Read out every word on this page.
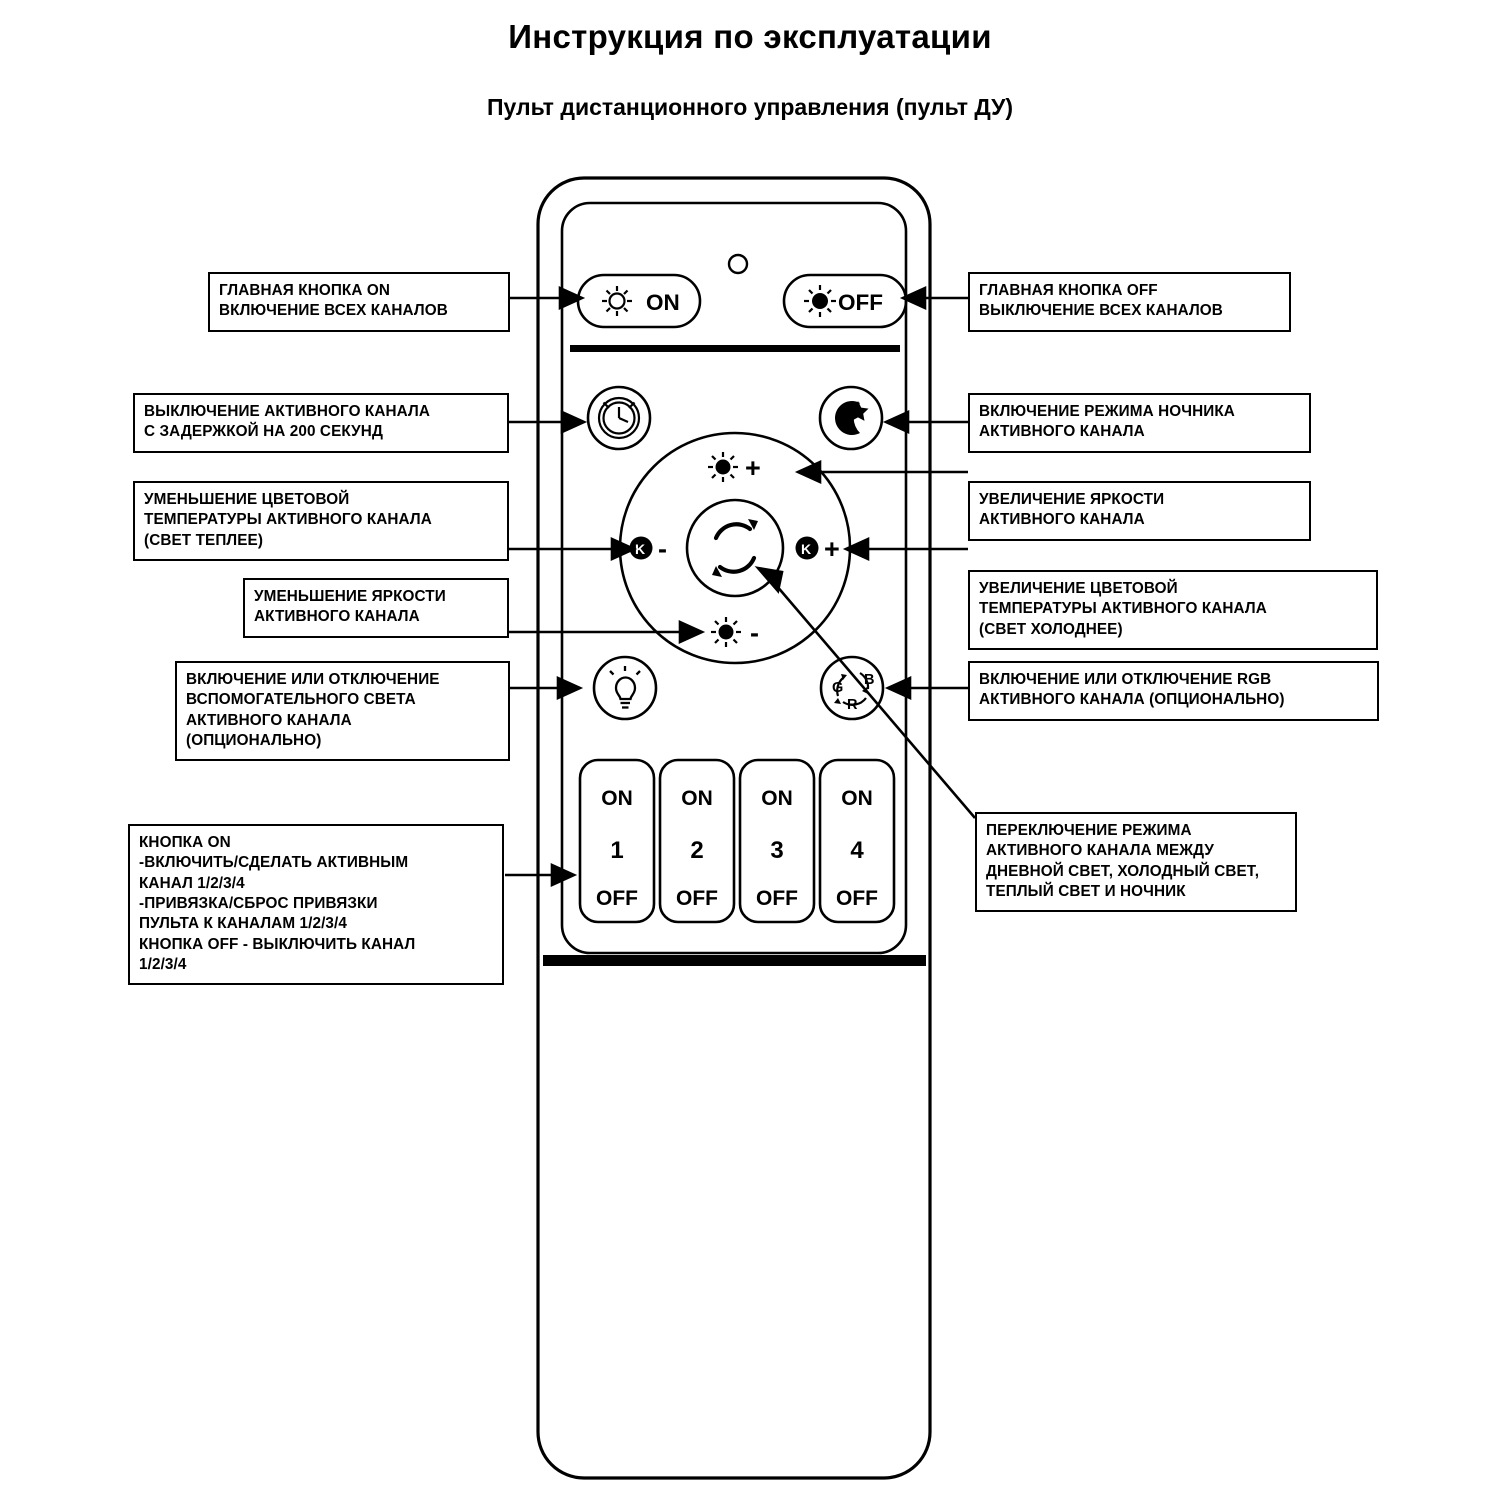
Инструкция по эксплуатации
Пульт дистанционного управления (пульт ДУ)
ON	OFF
+
-
K -	K +
G B
R
ON
1
OFF
ON
2
OFF
ON
3
OFF
ON
4
OFF
ГЛАВНАЯ КНОПКА ON
ВКЛЮЧЕНИЕ ВСЕХ КАНАЛОВ
ГЛАВНАЯ КНОПКА OFF
ВЫКЛЮЧЕНИЕ ВСЕХ КАНАЛОВ
ВЫКЛЮЧЕНИЕ АКТИВНОГО КАНАЛА
С ЗАДЕРЖКОЙ НА 200 СЕКУНД
ВКЛЮЧЕНИЕ РЕЖИМА НОЧНИКА
АКТИВНОГО КАНАЛА
УМЕНЬШЕНИЕ ЦВЕТОВОЙ
ТЕМПЕРАТУРЫ АКТИВНОГО КАНАЛА
(СВЕТ ТЕПЛЕЕ)
УВЕЛИЧЕНИЕ ЯРКОСТИ
АКТИВНОГО КАНАЛА
УВЕЛИЧЕНИЕ ЦВЕТОВОЙ
ТЕМПЕРАТУРЫ АКТИВНОГО КАНАЛА
(СВЕТ ХОЛОДНЕЕ)
УМЕНЬШЕНИЕ ЯРКОСТИ
АКТИВНОГО КАНАЛА
ВКЛЮЧЕНИЕ ИЛИ ОТКЛЮЧЕНИЕ
ВСПОМОГАТЕЛЬНОГО СВЕТА
АКТИВНОГО КАНАЛА
(ОПЦИОНАЛЬНО)
ВКЛЮЧЕНИЕ ИЛИ ОТКЛЮЧЕНИЕ RGB
АКТИВНОГО КАНАЛА (ОПЦИОНАЛЬНО)
ПЕРЕКЛЮЧЕНИЕ РЕЖИМА
АКТИВНОГО КАНАЛА МЕЖДУ
ДНЕВНОЙ СВЕТ, ХОЛОДНЫЙ СВЕТ,
ТЕПЛЫЙ СВЕТ И НОЧНИК
КНОПКА ON
-ВКЛЮЧИТЬ/СДЕЛАТЬ АКТИВНЫМ
КАНАЛ 1/2/3/4
-ПРИВЯЗКА/СБРОС ПРИВЯЗКИ
ПУЛЬТА К КАНАЛАМ 1/2/3/4
КНОПКА OFF - ВЫКЛЮЧИТЬ КАНАЛ
1/2/3/4
